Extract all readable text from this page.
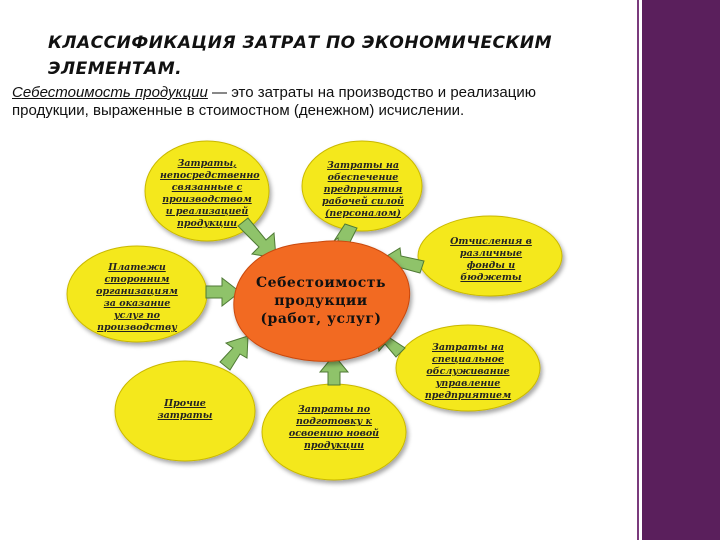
КЛАССИФИКАЦИЯ ЗАТРАТ ПО ЭКОНОМИЧЕСКИМ
ЭЛЕМЕНТАМ.
Себестоимость продукции — это затраты на производство и реализацию продукции, выраженные в стоимостном (денежном) исчислении.
Себестоимость продукции (работ, услуг)
Затраты, непосредственно связанные с производством и реализацией продукции
Затраты на обеспечение предприятия рабочей силой (персоналом)
Отчисления в различные фонды и бюджеты
Затраты на специальное обслуживание управление предприятием
Затраты по подготовку к освоению новой продукции
Прочие затраты
Платежи сторонним организациям за оказание услуг по производству
